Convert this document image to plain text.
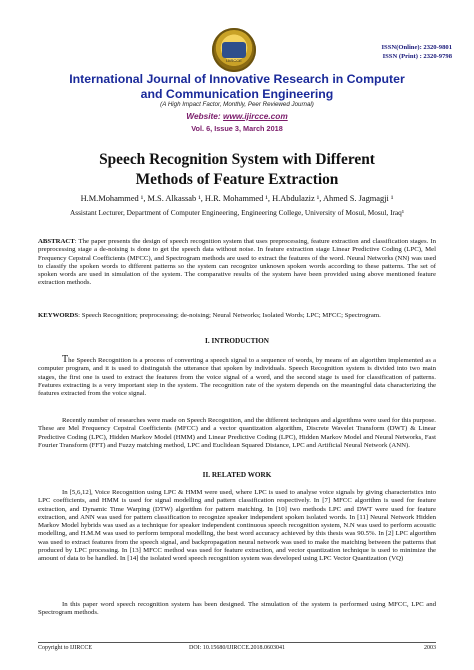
IJIRCCE
ISSN(Online): 2320-9801
ISSN (Print) : 2320-9798
International Journal of Innovative Research in Computer
and Communication Engineering
(A High Impact Factor, Monthly, Peer Reviewed Journal)
Website: www.ijircce.com
Vol. 6, Issue 3, March 2018
Speech Recognition System with Different
Methods of Feature Extraction
H.M.Mohammed ¹, M.S. Alkassab ¹, H.R. Mohammed ¹, H.Abdulaziz ¹, Ahmed S. Jagmagji ¹
Assistant Lecturer, Department of Computer Engineering, Engineering College, University of Mosul, Mosul, Iraq¹
ABSTRACT: The paper presents the design of speech recognition system that uses preprocessing, feature extraction and classification stages. In preprocessing stage a de-noising is done to get the speech data without noise. In feature extraction stage Linear Predictive Coding (LPC), Mel Frequency Cepstral Coefficients (MFCC), and Spectrogram methods are used to extract the features of the word. Neural Networks (NN) was used to classify the spoken words to different patterns so the system can recognize unknown spoken words according to these patterns. The set of spoken words are used in simulation of the system. The comparative results of the system have been provided using above mentioned feature extraction methods.
KEYWORDS: Speech Recognition; preprocessing; de-noising; Neural Networks; Isolated Words; LPC; MFCC; Spectrogram.
I. INTRODUCTION
The Speech Recognition is a process of converting a speech signal to a sequence of words, by means of an algorithm implemented as a computer program, and it is used to distinguish the utterance that spoken by individuals. Speech Recognition system is divided into two main stages, the first one is used to extract the features from the voice signal of a word, and the second stage is used for classification of patterns. Features extracting is a very important step in the system. The recognition rate of the system depends on the meaningful data characterizing the features extracted from the voice signal.
Recently number of researches were made on Speech Recognition, and the different techniques and algorithms were used for this purpose. These are Mel Frequency Cepstral Coefficients (MFCC) and a vector quantization algorithm, Discrete Wavelet Transform (DWT) & Linear Predictive Coding (LPC), Hidden Markov Model (HMM) and Linear Predictive Coding (LPC), Hidden Markov Model and Neural Networks, Fast Fourier Transform (FFT) and Fuzzy matching method, LPC and Euclidean Squared Distance, LPC and Artificial Neural Network (ANN).
II. RELATED WORK
In [5,6,12], Voice Recognition using LPC & HMM were used, where LPC is used to analyse voice signals by giving characteristics into LPC coefficients, and HMM is used for signal modelling and pattern classification respectively. In [7] MFCC algorithm is used for feature extraction, and Dynamic Time Warping (DTW) algorithm for pattern matching. In [10] two methods LPC and DWT were used for feature extraction, and ANN was used for pattern classification to recognize speaker independent spoken isolated words. In [11] Neural Network Hidden Markov Model hybrids was used as a technique for speaker independent continuous speech recognition system, N.N was used to perform acoustic modelling, and H.M.M was used to perform temporal modelling, the best word accuracy achieved by this thesis was 90.5%. In [2] LPC algorithm was used to extract features from the speech signal, and backpropagation neural network was used to make the matching between the patterns that produced by LPC processing. In [13] MFCC method was used for feature extraction, and vector quantization technique is used to minimize the amount of data to be handled. In [14] the isolated word speech recognition system was developed using LPC Vector Quantization (VQ)
In this paper word speech recognition system has been designed. The simulation of the system is performed using MFCC, LPC and Spectrogram methods.
DOI: 10.15680/IJIRCCE.2018.0603041
Copyright to IJIRCCE	2003
